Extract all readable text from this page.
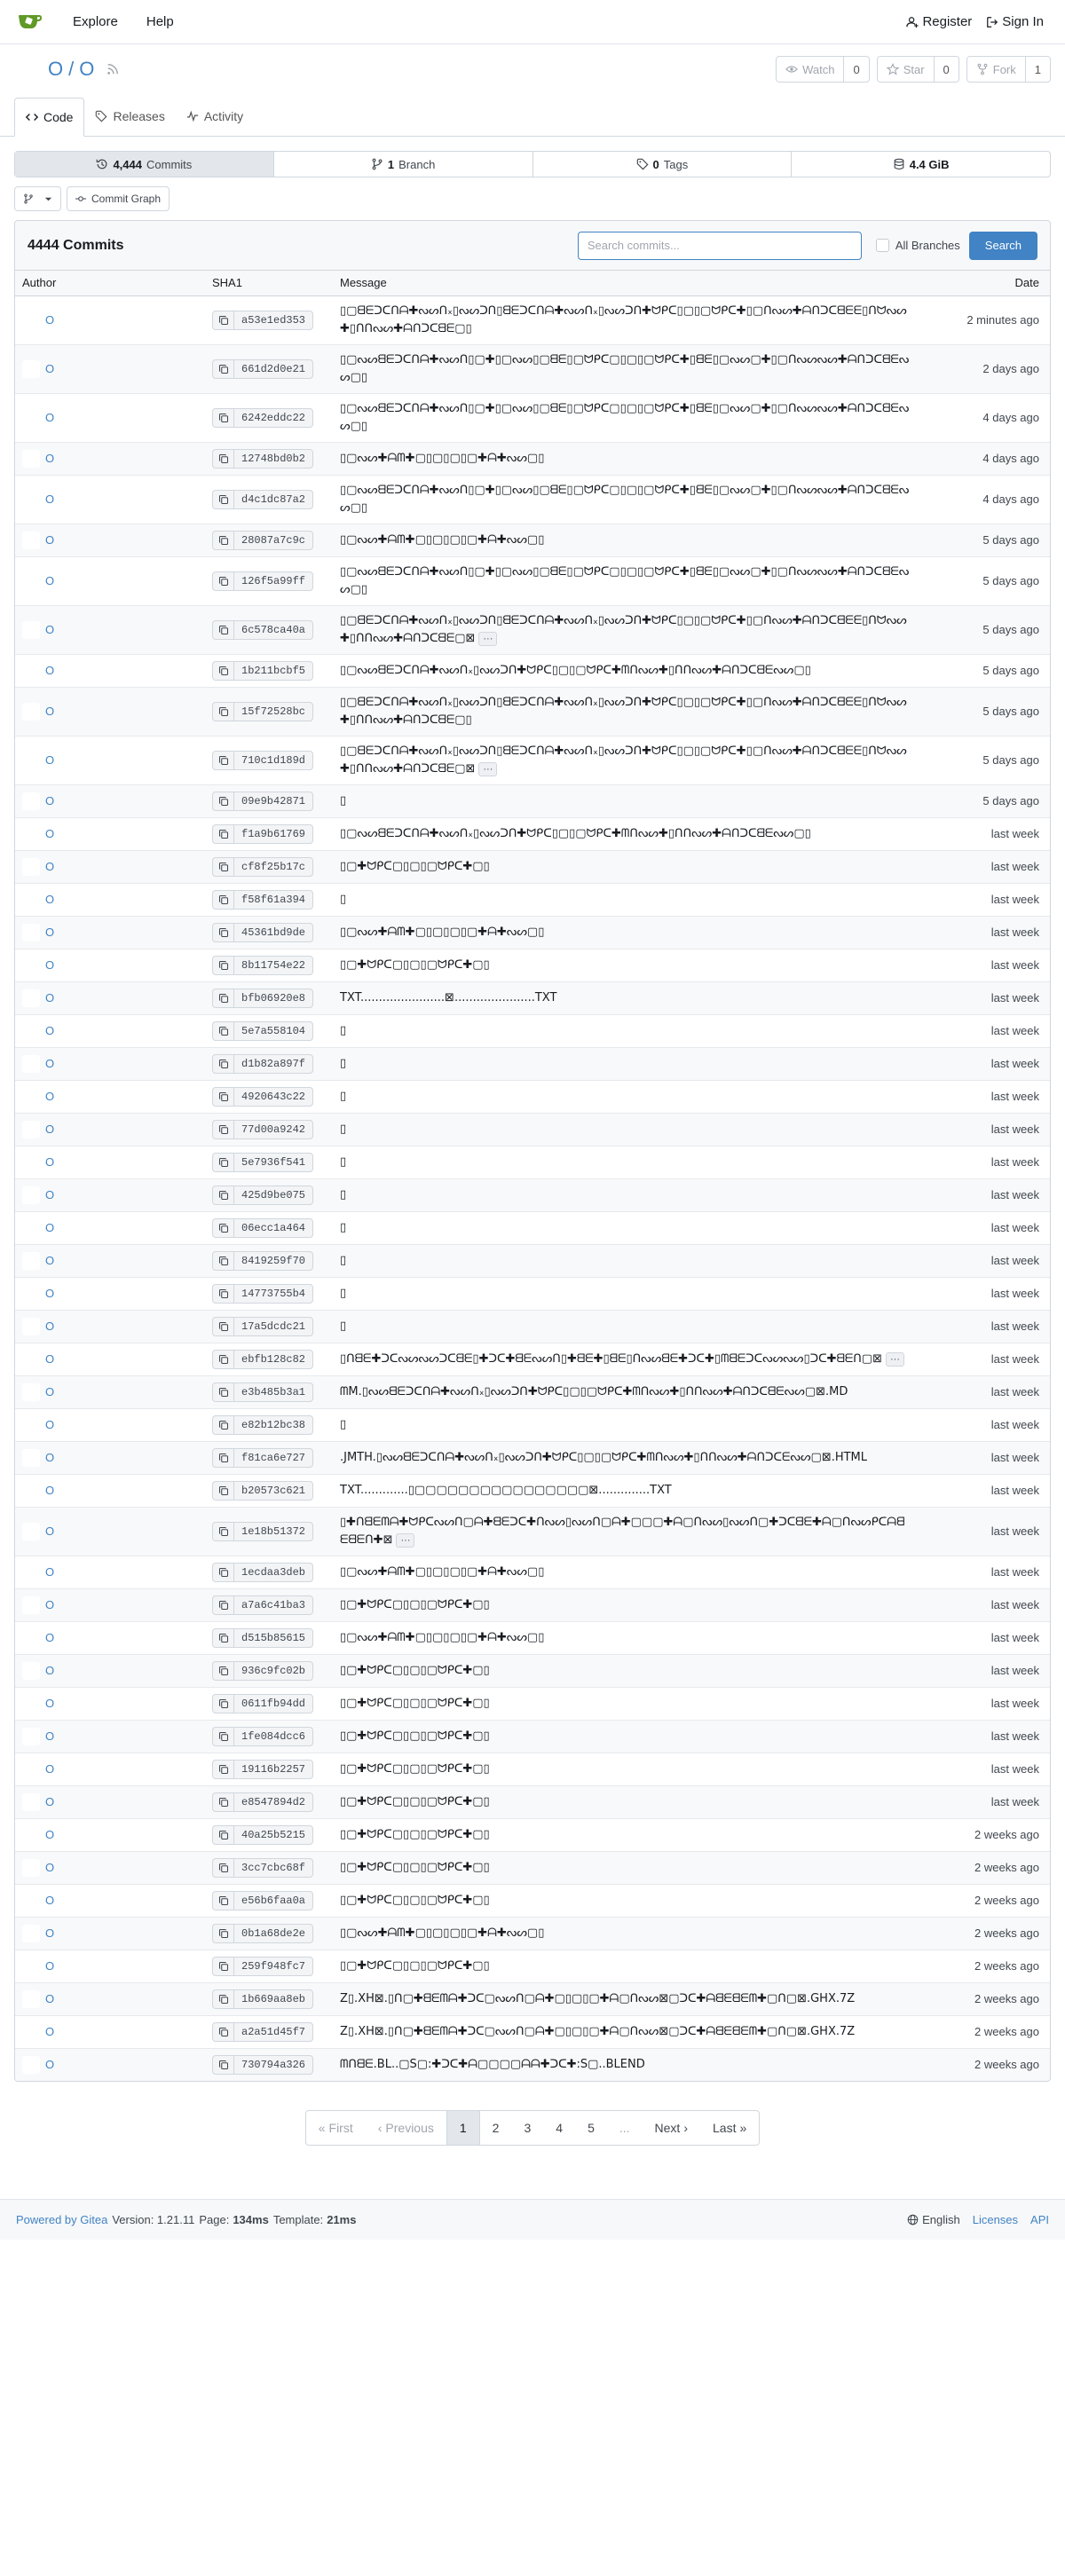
Explore	Help	Register Sign In
O / O	Watch	0	Star	0	Fork	1
Code	Releases	Activity
4,444 Commits	1 Branch	0 Tags	4.4 GiB
Commit Graph
4444 Commits
Search commits...	All Branches	Search
Author	SHA1	Message	Date

O	a53e1ed353	▯▢ᗺᗴᑐᑕᑎᗩ✚ᔓᔕᑎ᙮▯ᔓᔕᑐᑎ▯ᗺᗴᑐᑕᑎᗩ✚ᔓᔕᑎ᙮▯ᔓᔕᑐᑎ✚ᗢᑭᑕ▯▢▯▢ᗢᑭᑕ✚▯▢ᑎᔓᔕ✚ᗩᑎᑐᑕᗺᗴᗴ▯ᑎᗢᔓᔕ✚▯ᑎᑎᔓᔕ✚ᗩᑎᑐᑕᗺᗴ▢▯	2 minutes ago

O	661d2d0e21	▯▢ᔓᔕᗺᗴᑐᑕᑎᗩ✚ᔓᔕᑎ▯▢✚▯▢ᔓᔕ▯▢ᗺᗴ▯▢ᗢᑭᑕ▢▯▢▯▢ᗢᑭᑕ✚▯ᗺᗴ▯▢ᔓᔕ▢✚▯▢ᑎᔓᔕᔓᔕ✚ᗩᑎᑐᑕᗺᗴᔓᔕ▢▯	2 days ago

O	6242eddc22	▯▢ᔓᔕᗺᗴᑐᑕᑎᗩ✚ᔓᔕᑎ▯▢✚▯▢ᔓᔕ▯▢ᗺᗴ▯▢ᗢᑭᑕ▢▯▢▯▢ᗢᑭᑕ✚▯ᗺᗴ▯▢ᔓᔕ▢✚▯▢ᑎᔓᔕᔓᔕ✚ᗩᑎᑐᑕᗺᗴᔓᔕ▢▯	4 days ago

O	12748bd0b2	▯▢ᔓᔕ✚ᗩᗰ✚▢▯▢▯▢▯▢✚ᗩ✚ᔓᔕ▢▯	4 days ago

O	d4c1dc87a2	▯▢ᔓᔕᗺᗴᑐᑕᑎᗩ✚ᔓᔕᑎ▯▢✚▯▢ᔓᔕ▯▢ᗺᗴ▯▢ᗢᑭᑕ▢▯▢▯▢ᗢᑭᑕ✚▯ᗺᗴ▯▢ᔓᔕ▢✚▯▢ᑎᔓᔕᔓᔕ✚ᗩᑎᑐᑕᗺᗴᔓᔕ▢▯	4 days ago

O	28087a7c9c	▯▢ᔓᔕ✚ᗩᗰ✚▢▯▢▯▢▯▢✚ᗩ✚ᔓᔕ▢▯	5 days ago

O	126f5a99ff	▯▢ᔓᔕᗺᗴᑐᑕᑎᗩ✚ᔓᔕᑎ▯▢✚▯▢ᔓᔕ▯▢ᗺᗴ▯▢ᗢᑭᑕ▢▯▢▯▢ᗢᑭᑕ✚▯ᗺᗴ▯▢ᔓᔕ▢✚▯▢ᑎᔓᔕᔓᔕ✚ᗩᑎᑐᑕᗺᗴᔓᔕ▢▯	5 days ago

O	6c578ca40a	▯▢ᗺᗴᑐᑕᑎᗩ✚ᔓᔕᑎ᙮▯ᔓᔕᑐᑎ▯ᗺᗴᑐᑕᑎᗩ✚ᔓᔕᑎ᙮▯ᔓᔕᑐᑎ✚ᗢᑭᑕ▯▢▯▢ᗢᑭᑕ✚▯▢ᑎᔓᔕ✚ᗩᑎᑐᑕᗺᗴᗴ▯ᑎᗢᔓᔕ✚▯ᑎᑎᔓᔕ✚ᗩᑎᑐᑕᗺᗴ▢⊠ ···	5 days ago

O	1b211bcbf5	▯▢ᔓᔕᗺᗴᑐᑕᑎᗩ✚ᔓᔕᑎ᙮▯ᔓᔕᑐᑎ✚ᗢᑭᑕ▯▢▯▢ᗢᑭᑕ✚ᗰᑎᔓᔕ✚▯ᑎᑎᔓᔕ✚ᗩᑎᑐᑕᗺᗴᔓᔕ▢▯	5 days ago

O	15f72528bc	▯▢ᗺᗴᑐᑕᑎᗩ✚ᔓᔕᑎ᙮▯ᔓᔕᑐᑎ▯ᗺᗴᑐᑕᑎᗩ✚ᔓᔕᑎ᙮▯ᔓᔕᑐᑎ✚ᗢᑭᑕ▯▢▯▢ᗢᑭᑕ✚▯▢ᑎᔓᔕ✚ᗩᑎᑐᑕᗺᗴᗴ▯ᑎᗢᔓᔕ✚▯ᑎᑎᔓᔕ✚ᗩᑎᑐᑕᗺᗴ▢▯	5 days ago

O	710c1d189d	▯▢ᗺᗴᑐᑕᑎᗩ✚ᔓᔕᑎ᙮▯ᔓᔕᑐᑎ▯ᗺᗴᑐᑕᑎᗩ✚ᔓᔕᑎ᙮▯ᔓᔕᑐᑎ✚ᗢᑭᑕ▯▢▯▢ᗢᑭᑕ✚▯▢ᑎᔓᔕ✚ᗩᑎᑐᑕᗺᗴᗴ▯ᑎᗢᔓᔕ✚▯ᑎᑎᔓᔕ✚ᗩᑎᑐᑕᗺᗴ▢⊠ ···	5 days ago

O	09e9b42871	▯	5 days ago

O	f1a9b61769	▯▢ᔓᔕᗺᗴᑐᑕᑎᗩ✚ᔓᔕᑎ᙮▯ᔓᔕᑐᑎ✚ᗢᑭᑕ▯▢▯▢ᗢᑭᑕ✚ᗰᑎᔓᔕ✚▯ᑎᑎᔓᔕ✚ᗩᑎᑐᑕᗺᗴᔓᔕ▢▯	last week

O	cf8f25b17c	▯▢✚ᗢᑭᑕ▢▯▢▯▢ᗢᑭᑕ✚▢▯	last week

O	f58f61a394	▯	last week

O	45361bd9de	▯▢ᔓᔕ✚ᗩᗰ✚▢▯▢▯▢▯▢✚ᗩ✚ᔓᔕ▢▯	last week

O	8b11754e22	▯▢✚ᗢᑭᑕ▢▯▢▯▢ᗢᑭᑕ✚▢▯	last week

O	bfb06920e8	TXT.......................⊠......................TXT	last week

O	5e7a558104	▯	last week

O	d1b82a897f	▯	last week

O	4920643c22	▯	last week

O	77d00a9242	▯	last week

O	5e7936f541	▯	last week

O	425d9be075	▯	last week

O	06ecc1a464	▯	last week

O	8419259f70	▯	last week

O	14773755b4	▯	last week

O	17a5dcdc21	▯	last week

O	ebfb128c82	▯ᑎᗺᗴ✚ᑐᑕᔓᔕᔓᔕᑐᑕᗺᗴ▯✚ᑐᑕ✚ᗺᗴᔓᔕᑎ▯✚ᗺᗴ✚▯ᗺᗴ▯ᑎᔓᔕᗺᗴ✚ᑐᑕ✚▯ᗰᗺᗴᑐᑕᔓᔕᔓᔕ▯ᑐᑕ✚ᗺᗴᑎ▢⊠ ···	last week

O	e3b485b3a1	ᗰM.▯ᔓᔕᗺᗴᑐᑕᑎᗩ✚ᔓᔕᑎ᙮▯ᔓᔕᑐᑎ✚ᗢᑭᑕ▯▢▯▢ᗢᑭᑕ✚ᗰᑎᔓᔕ✚▯ᑎᑎᔓᔕ✚ᗩᑎᑐᑕᗺᗴᔓᔕ▢⊠.MD	last week

O	e82b12bc38	▯	last week

O	f81ca6e727	.JMTH.▯ᔓᔕᗺᗴᑐᑕᑎᗩ✚ᔓᔕᑎ᙮▯ᔓᔕᑐᑎ✚ᗢᑭᑕ▯▢▯▢ᗢᑭᑕ✚ᗰᑎᔓᔕ✚▯ᑎᑎᔓᔕ✚ᗩᑎᑐᑕᗴᔓᔕ▢⊠.HTML	last week

O	b20573c621	TXT.............▯▢▢▢▢▢▢▢▢▢▢▢▢▢▢▢▢⊠..............TXT	last week

O	1e18b51372	▯✚ᑎᗺᗴᗰᗩ✚ᗢᑭᑕᔓᔕᑎ▢ᗩ✚ᗺᗴᑐᑕ✚ᑎᔓᔕ▯ᔓᔕᑎ▢ᗩ✚▢▢▢✚ᗩ▢ᑎᔓᔕ▯ᔓᔕᑎ▢✚ᑐᑕᗺᗴ✚ᗩ▢ᑎᔓᔕᑭᑕᗩᗺᗴᗺᗴᑎ✚⊠ ···	last week

O	1ecdaa3deb	▯▢ᔓᔕ✚ᗩᗰ✚▢▯▢▯▢▯▢✚ᗩ✚ᔓᔕ▢▯	last week

O	a7a6c41ba3	▯▢✚ᗢᑭᑕ▢▯▢▯▢ᗢᑭᑕ✚▢▯	last week

O	d515b85615	▯▢ᔓᔕ✚ᗩᗰ✚▢▯▢▯▢▯▢✚ᗩ✚ᔓᔕ▢▯	last week

O	936c9fc02b	▯▢✚ᗢᑭᑕ▢▯▢▯▢ᗢᑭᑕ✚▢▯	last week

O	0611fb94dd	▯▢✚ᗢᑭᑕ▢▯▢▯▢ᗢᑭᑕ✚▢▯	last week

O	1fe084dcc6	▯▢✚ᗢᑭᑕ▢▯▢▯▢ᗢᑭᑕ✚▢▯	last week

O	19116b2257	▯▢✚ᗢᑭᑕ▢▯▢▯▢ᗢᑭᑕ✚▢▯	last week

O	e8547894d2	▯▢✚ᗢᑭᑕ▢▯▢▯▢ᗢᑭᑕ✚▢▯	last week

O	40a25b5215	▯▢✚ᗢᑭᑕ▢▯▢▯▢ᗢᑭᑕ✚▢▯	2 weeks ago

O	3cc7cbc68f	▯▢✚ᗢᑭᑕ▢▯▢▯▢ᗢᑭᑕ✚▢▯	2 weeks ago

O	e56b6faa0a	▯▢✚ᗢᑭᑕ▢▯▢▯▢ᗢᑭᑕ✚▢▯	2 weeks ago

O	0b1a68de2e	▯▢ᔓᔕ✚ᗩᗰ✚▢▯▢▯▢▯▢✚ᗩ✚ᔓᔕ▢▯	2 weeks ago

O	259f948fc7	▯▢✚ᗢᑭᑕ▢▯▢▯▢ᗢᑭᑕ✚▢▯	2 weeks ago

O	1b669aa8eb	Z▯.XH⊠.▯ᑎ▢✚ᗺᗴᗰᗩ✚ᑐᑕ▢ᔓᔕᑎ▢ᗩ✚▢▯▢▯▢✚ᗩ▢ᑎᔓᔕ⊠▢ᑐᑕ✚ᗩᗺᗴᗺᗴᗰ✚▢ᑎ▢⊠.GHX.7Z	2 weeks ago

O	a2a51d45f7	Z▯.XH⊠.▯ᑎ▢✚ᗺᗴᗰᗩ✚ᑐᑕ▢ᔓᔕᑎ▢ᗩ✚▢▯▢▯▢✚ᗩ▢ᑎᔓᔕ⊠▢ᑐᑕ✚ᗩᗺᗴᗺᗴᗰ✚▢ᑎ▢⊠.GHX.7Z	2 weeks ago

O	730794a326	ᗰᑎᗺᗴ.BL..▢S▢:✚ᑐᑕ✚ᗩ▢▢▢▢ᗩᗩ✚ᑐᑕ✚:S▢..BLEND	2 weeks ago
« First ‹ Previous	1	2	3	4	5	...	Next › Last »
Powered by Gitea Version: 1.21.11 Page: 134ms Template: 21ms	English Licenses API
